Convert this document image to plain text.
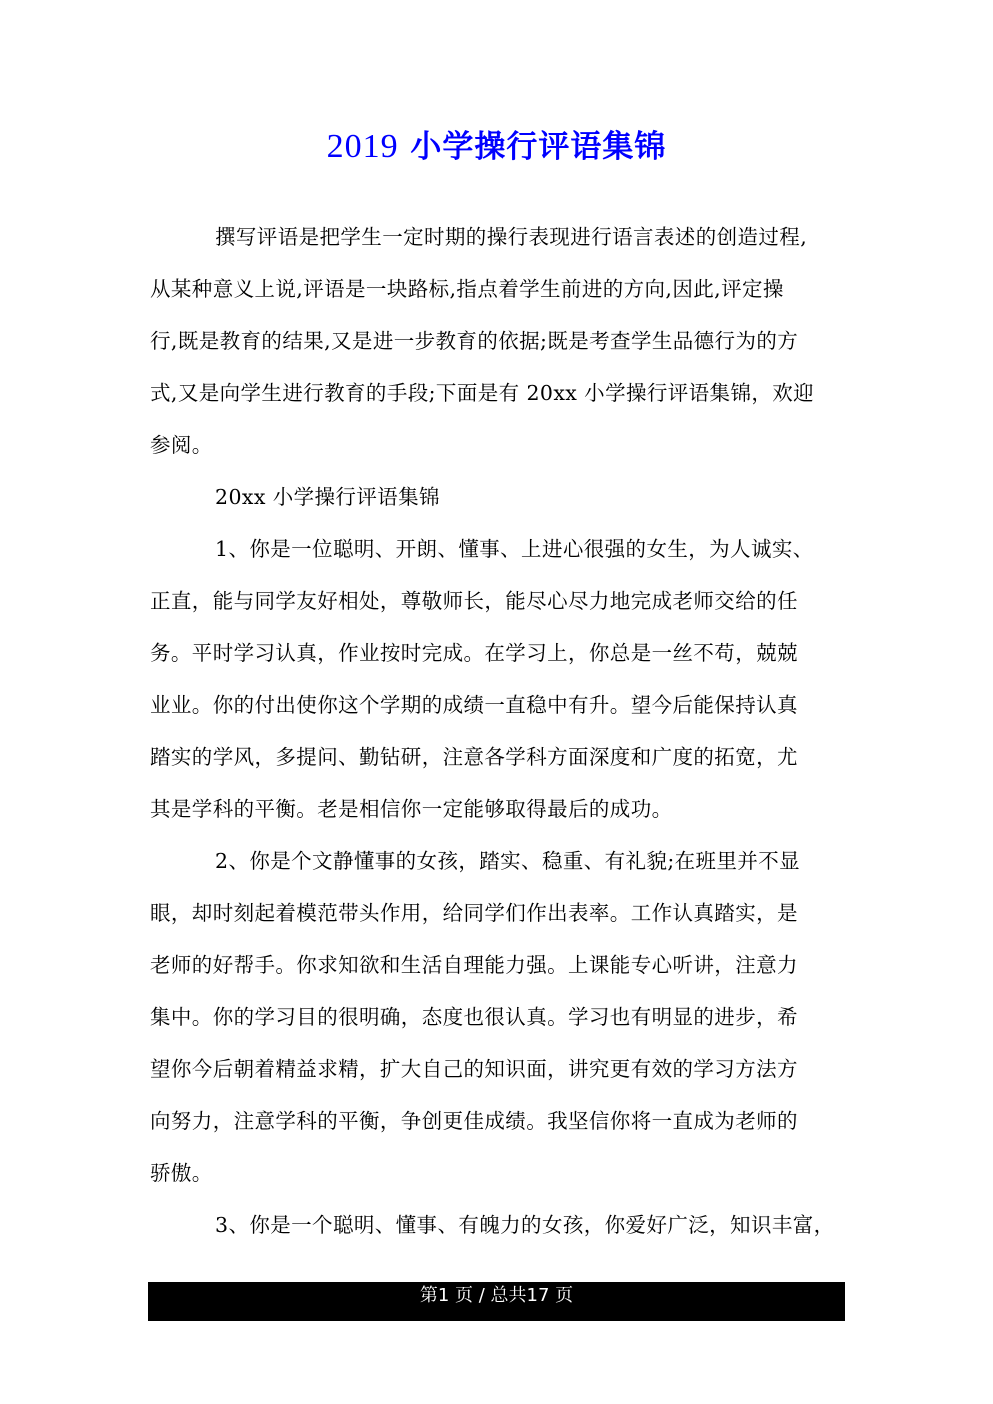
2019 小学操行评语集锦
撰写评语是把学生一定时期的操行表现进行语言表述的创造过程,
从某种意义上说,评语是一块路标,指点着学生前进的方向,因此,评定操
行,既是教育的结果,又是进一步教育的依据;既是考查学生品德行为的方
式,又是向学生进行教育的手段;下面是有 20xx 小学操行评语集锦，欢迎
参阅。
20xx 小学操行评语集锦
1、你是一位聪明、开朗、懂事、上进心很强的女生，为人诚实、
正直，能与同学友好相处，尊敬师长，能尽心尽力地完成老师交给的任
务。平时学习认真，作业按时完成。在学习上，你总是一丝不苟，兢兢
业业。你的付出使你这个学期的成绩一直稳中有升。望今后能保持认真
踏实的学风，多提问、勤钻研，注意各学科方面深度和广度的拓宽，尤
其是学科的平衡。老是相信你一定能够取得最后的成功。
2、你是个文静懂事的女孩，踏实、稳重、有礼貌;在班里并不显
眼，却时刻起着模范带头作用，给同学们作出表率。工作认真踏实，是
老师的好帮手。你求知欲和生活自理能力强。上课能专心听讲，注意力
集中。你的学习目的很明确，态度也很认真。学习也有明显的进步，希
望你今后朝着精益求精，扩大自己的知识面，讲究更有效的学习方法方
向努力，注意学科的平衡，争创更佳成绩。我坚信你将一直成为老师的
骄傲。
3、你是一个聪明、懂事、有魄力的女孩，你爱好广泛，知识丰富，
第1 页 / 总共17 页
